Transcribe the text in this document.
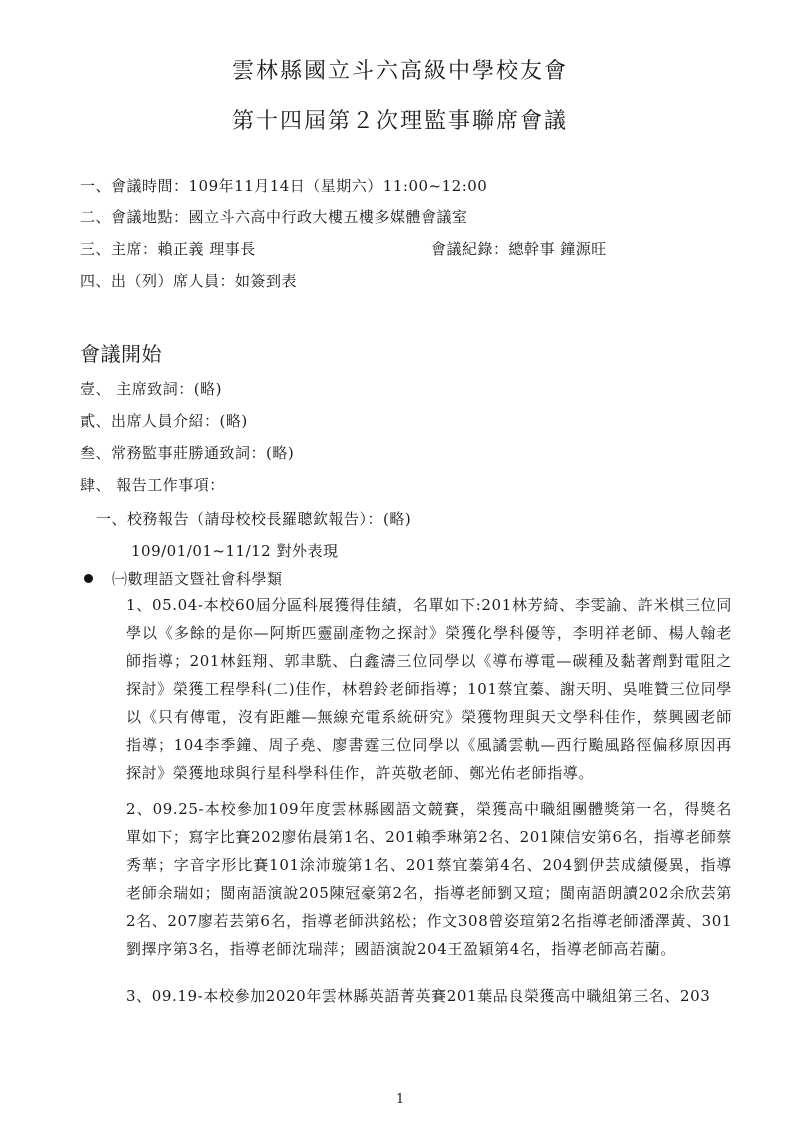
雲林縣國立斗六高級中學校友會
第十四屆第２次理監事聯席會議
一、會議時間：109年11月14日（星期六）11:00~12:00
二、會議地點：國立斗六高中行政大樓五樓多媒體會議室
三、主席：賴正義 理事長	會議紀錄：總幹事 鐘源旺
四、出（列）席人員：如簽到表
會議開始
壹、 主席致詞：(略)
貳、出席人員介紹：(略)
叁、常務監事莊勝通致詞：(略)
肆、 報告工作事項：
一、校務報告（請母校校長羅聰欽報告）：(略)
109/01/01~11/12 對外表現
㈠數理語文暨社會科學類
1、05.04-本校60屆分區科展獲得佳績，名單如下:201林芳綺、李雯諭、許米棋三位同學以《多餘的是你—阿斯匹靈副產物之探討》榮獲化學科優等，李明祥老師、楊人翰老師指導；201林鈺翔、郭聿駪、白鑫濤三位同學以《導布導電—碳種及黏著劑對電阻之探討》榮獲工程學科(二)佳作，林碧鈴老師指導；101蔡宜蓁、謝天明、吳唯贊三位同學以《只有傳電，沒有距離—無線充電系統研究》榮獲物理與天文學科佳作，蔡興國老師指導；104李季鐘、周子堯、廖書霆三位同學以《風譎雲軌—西行颱風路徑偏移原因再探討》榮獲地球與行星科學科佳作，許英敬老師、鄭光佑老師指導。
2、09.25-本校參加109年度雲林縣國語文競賽，榮獲高中職組團體獎第一名，得獎名單如下；寫字比賽202廖佑晨第1名、201賴季琳第2名、201陳信安第6名，指導老師蔡秀華；字音字形比賽101涂沛璇第1名、201蔡宜蓁第4名、204劉伊芸成績優異，指導老師余瑞如；閩南語演說205陳冠豪第2名，指導老師劉又瑄；閩南語朗讀202余欣芸第2名、207廖若芸第6名，指導老師洪銘松；作文308曾姿瑄第2名指導老師潘澤黃、301劉擇序第3名，指導老師沈瑞萍；國語演說204王盈穎第4名，指導老師高若蘭。
3、09.19-本校參加2020年雲林縣英語菁英賽201葉品良榮獲高中職組第三名、203
1
